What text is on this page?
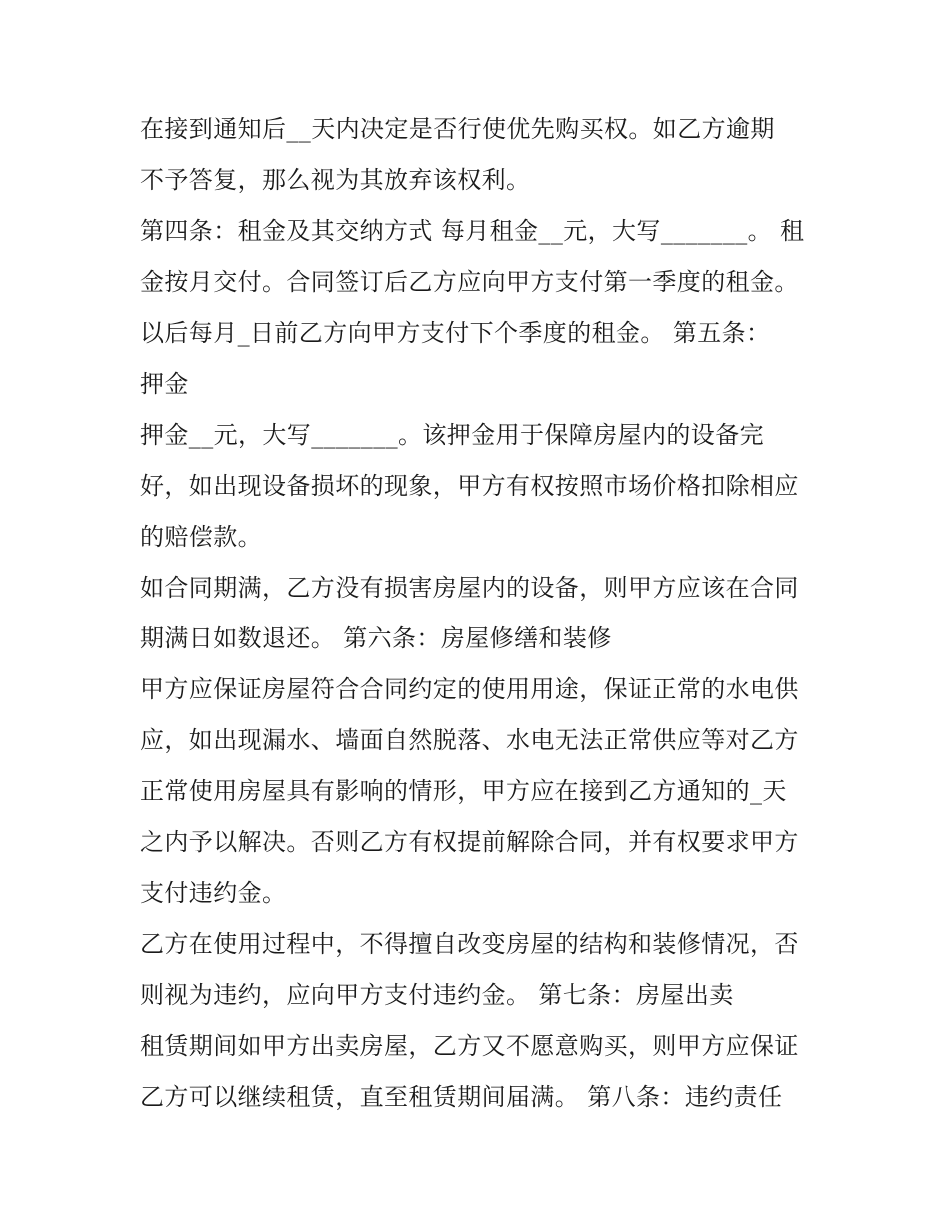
在接到通知后__天内决定是否行使优先购买权。如乙方逾期

不予答复，那么视为其放弃该权利。

第四条：租金及其交纳方式 每月租金__元，大写_______。 租

金按月交付。合同签订后乙方应向甲方支付第一季度的租金。

以后每月_日前乙方向甲方支付下个季度的租金。 第五条：

押金

押金__元，大写_______。该押金用于保障房屋内的设备完

好，如出现设备损坏的现象，甲方有权按照市场价格扣除相应

的赔偿款。

如合同期满，乙方没有损害房屋内的设备，则甲方应该在合同

期满日如数退还。 第六条：房屋修缮和装修

甲方应保证房屋符合合同约定的使用用途，保证正常的水电供

应，如出现漏水、墙面自然脱落、水电无法正常供应等对乙方

正常使用房屋具有影响的情形，甲方应在接到乙方通知的_天

之内予以解决。否则乙方有权提前解除合同，并有权要求甲方

支付违约金。

乙方在使用过程中，不得擅自改变房屋的结构和装修情况，否

则视为违约，应向甲方支付违约金。 第七条：房屋出卖

租赁期间如甲方出卖房屋，乙方又不愿意购买，则甲方应保证

乙方可以继续租赁，直至租赁期间届满。 第八条：违约责任
